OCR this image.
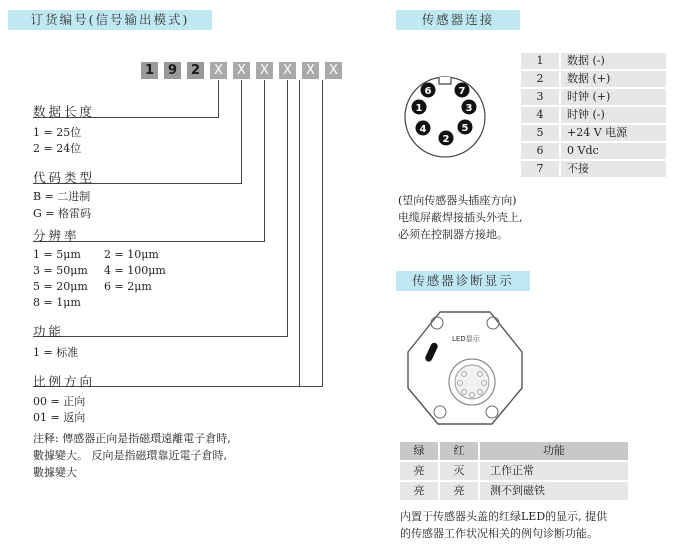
订货编号(信号输出模式)
1	9	2	X	X	X	X	X	X
数据长度
1 = 25位
2 = 24位
代码类型
B = 二进制
G = 格雷码
分辨率
1 = 5μm 2 = 10μm
3 = 50μm 4 = 100μm
5 = 20μm 6 = 2μm
8 = 1μm
功能
1 = 标准
比例方向
00 = 正向
01 = 返向
注释: 傳感器正向是指磁環遠離電子倉時,
數據變大。 反向是指磁環靠近電子倉時,
數據變大
传感器连接
6	7
1	3
4	5
2
1	数据 (-)
2	数据 (+)
3	时钟 (+)
4	时钟 (-)
5	+24 V 电源
6	0 Vdc
7	不接
(望向传感器头插座方向)
电缆屏蔽焊接插头外壳上,
必须在控制器方接地。
传感器诊断显示
LED显示
绿	红	功能
亮	灭	工作正常
亮	亮	测不到磁铁
内置于传感器头盖的红绿LED的显示, 提供
的传感器工作状况相关的例句诊断功能。
